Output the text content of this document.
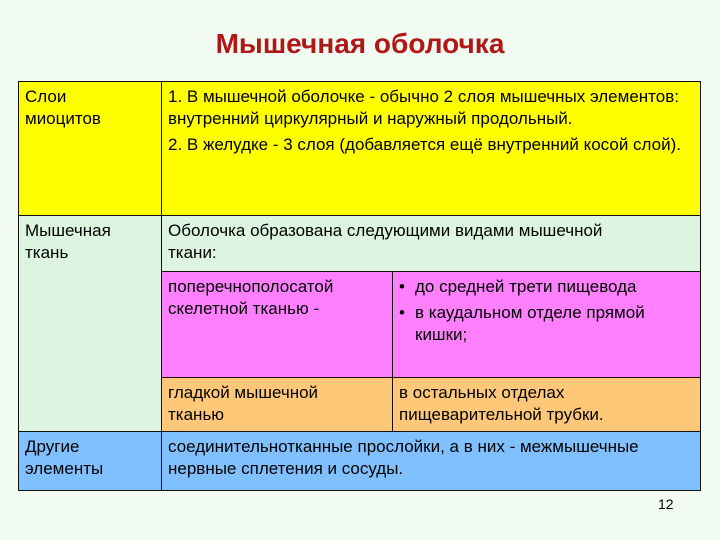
Мышечная оболочка

Слои миоцитов

1. В мышечной оболочке - обычно 2 слоя мышечных элементов: внутренний циркулярный и наружный продольный.

2. В желудке - 3 слоя (добавляется ещё внутренний косой слой).

Мышечная ткань

Оболочка образована следующими видами мышечной ткани:

поперечнополосатой скелетной тканью -

• до средней трети пищевода
• в каудальном отделе прямой кишки;

гладкой мышечной тканью

в остальных отделах пищеварительной трубки.

Другие элементы

соединительнотканные прослойки, а в них - межмышечные нервные сплетения и сосуды.

12
